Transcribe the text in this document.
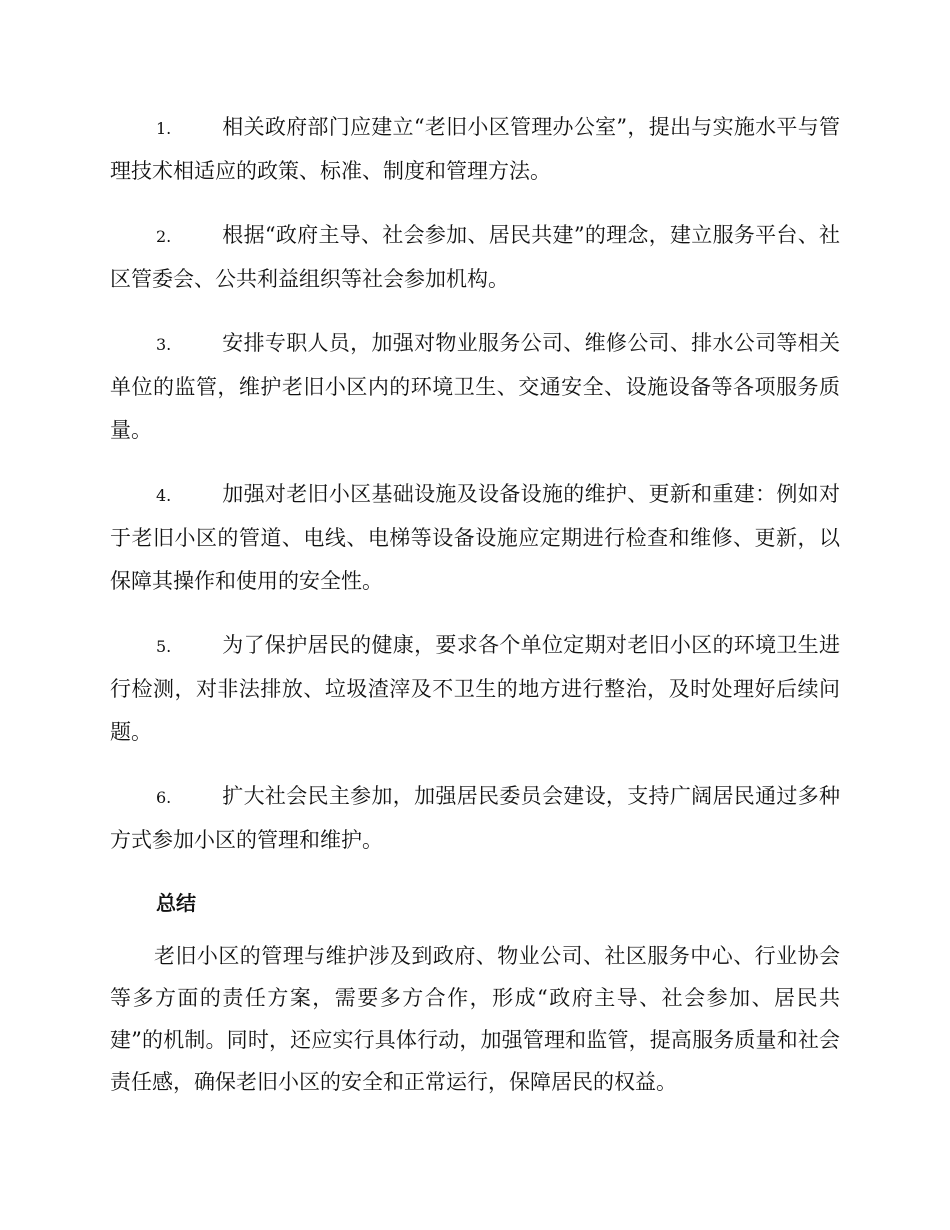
1. 相关政府部门应建立“老旧小区管理办公室”，提出与实施水平与管理技术相适应的政策、标准、制度和管理方法。

2. 根据“政府主导、社会参加、居民共建”的理念，建立服务平台、社区管委会、公共利益组织等社会参加机构。

3. 安排专职人员，加强对物业服务公司、维修公司、排水公司等相关单位的监管，维护老旧小区内的环境卫生、交通安全、设施设备等各项服务质量。

4. 加强对老旧小区基础设施及设备设施的维护、更新和重建：例如对于老旧小区的管道、电线、电梯等设备设施应定期进行检查和维修、更新，以保障其操作和使用的安全性。

5. 为了保护居民的健康，要求各个单位定期对老旧小区的环境卫生进行检测，对非法排放、垃圾渣滓及不卫生的地方进行整治，及时处理好后续问题。

6. 扩大社会民主参加，加强居民委员会建设，支持广阔居民通过多种方式参加小区的管理和维护。

总结

老旧小区的管理与维护涉及到政府、物业公司、社区服务中心、行业协会等多方面的责任方案，需要多方合作，形成“政府主导、社会参加、居民共建”的机制。同时，还应实行具体行动，加强管理和监管，提高服务质量和社会责任感，确保老旧小区的安全和正常运行，保障居民的权益。
